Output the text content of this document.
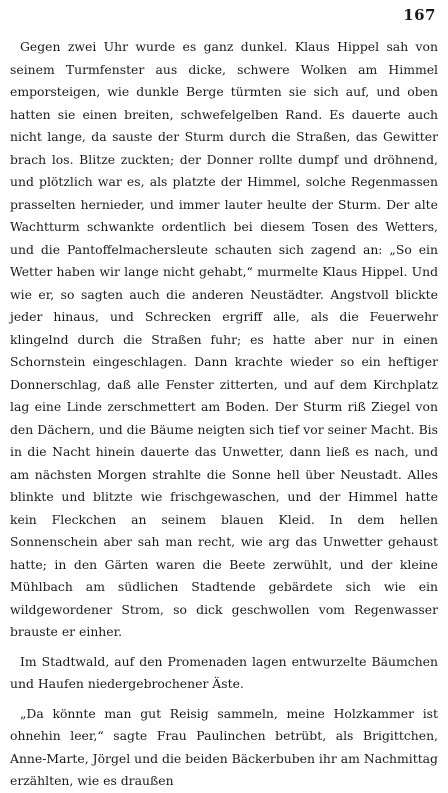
167

Gegen zwei Uhr wurde es ganz dunkel. Klaus Hippel sah von seinem Turmfenster aus dicke, schwere Wolken am Himmel emporsteigen, wie dunkle Berge türmten sie sich auf, und oben hatten sie einen breiten, schwefelgelben Rand. Es dauerte auch nicht lange, da sauste der Sturm durch die Straßen, das Gewitter brach los. Blitze zuckten; der Donner rollte dumpf und dröhnend, und plötzlich war es, als platzte der Himmel, solche Regenmassen prasselten hernieder, und immer lauter heulte der Sturm. Der alte Wachtturm schwankte ordentlich bei diesem Tosen des Wetters, und die Pantoffelmachersleute schauten sich zagend an: „So ein Wetter haben wir lange nicht gehabt,“ murmelte Klaus Hippel. Und wie er, so sagten auch die anderen Neustädter. Angstvoll blickte jeder hinaus, und Schrecken ergriff alle, als die Feuerwehr klingelnd durch die Straßen fuhr; es hatte aber nur in einen Schornstein eingeschlagen. Dann krachte wieder so ein heftiger Donnerschlag, daß alle Fenster zitterten, und auf dem Kirchplatz lag eine Linde zerschmettert am Boden. Der Sturm riß Ziegel von den Dächern, und die Bäume neigten sich tief vor seiner Macht. Bis in die Nacht hinein dauerte das Unwetter, dann ließ es nach, und am nächsten Morgen strahlte die Sonne hell über Neustadt. Alles blinkte und blitzte wie frischgewaschen, und der Himmel hatte kein Fleckchen an seinem blauen Kleid. In dem hellen Sonnenschein aber sah man recht, wie arg das Unwetter gehaust hatte; in den Gärten waren die Beete zerwühlt, und der kleine Mühlbach am südlichen Stadtende gebärdete sich wie ein wildgewordener Strom, so dick geschwollen vom Regenwasser brauste er einher.

Im Stadtwald, auf den Promenaden lagen entwurzelte Bäumchen und Haufen niedergebrochener Äste.

„Da könnte man gut Reisig sammeln, meine Holzkammer ist ohnehin leer,“ sagte Frau Paulinchen betrübt, als Brigittchen, Anne-Marte, Jörgel und die beiden Bäckerbuben ihr am Nachmittag erzählten, wie es draußen
